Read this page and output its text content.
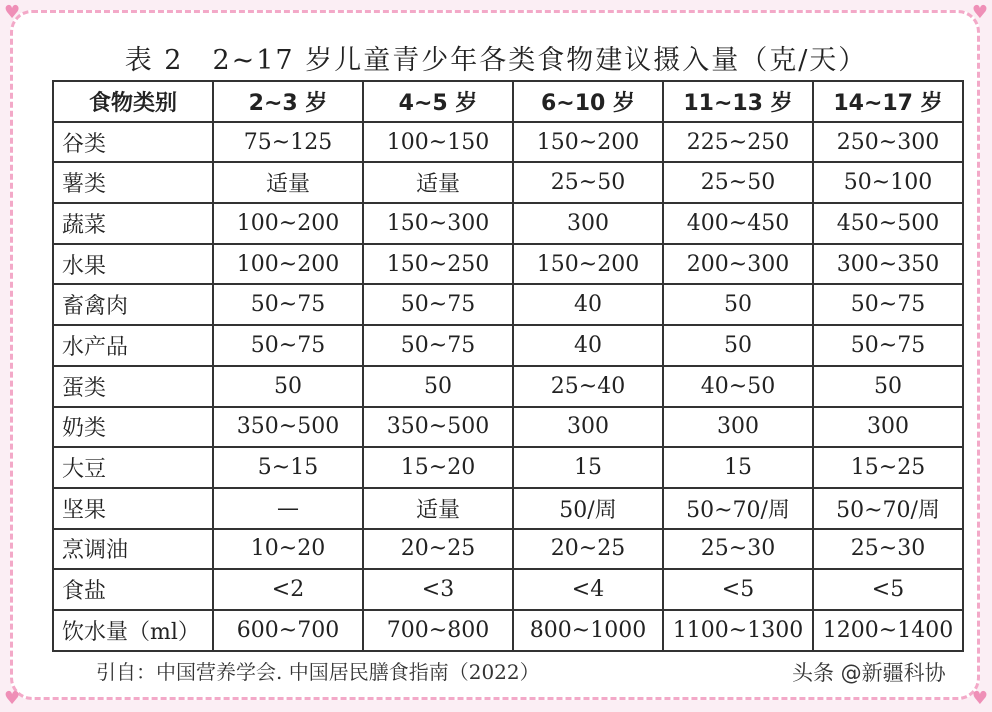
♥	♥
♥	♥
表 2　2~17 岁儿童青少年各类食物建议摄入量（克/天）
食物类别	2~3 岁	4~5 岁	6~10 岁	11~13 岁	14~17 岁
谷类	75~125	100~150	150~200	225~250	250~300
薯类	适量	适量	25~50	25~50	50~100
蔬菜	100~200	150~300	300	400~450	450~500
水果	100~200	150~250	150~200	200~300	300~350
畜禽肉	50~75	50~75	40	50	50~75
水产品	50~75	50~75	40	50	50~75
蛋类	50	50	25~40	40~50	50
奶类	350~500	350~500	300	300	300
大豆	5~15	15~20	15	15	15~25
坚果	—	适量	50/周	50~70/周	50~70/周
烹调油	10~20	20~25	20~25	25~30	25~30
食盐	<2	<3	<4	<5	<5
饮水量（ml）	600~700	700~800	800~1000	1100~1300	1200~1400
引自：中国营养学会. 中国居民膳食指南（2022）	头条 @新疆科协
